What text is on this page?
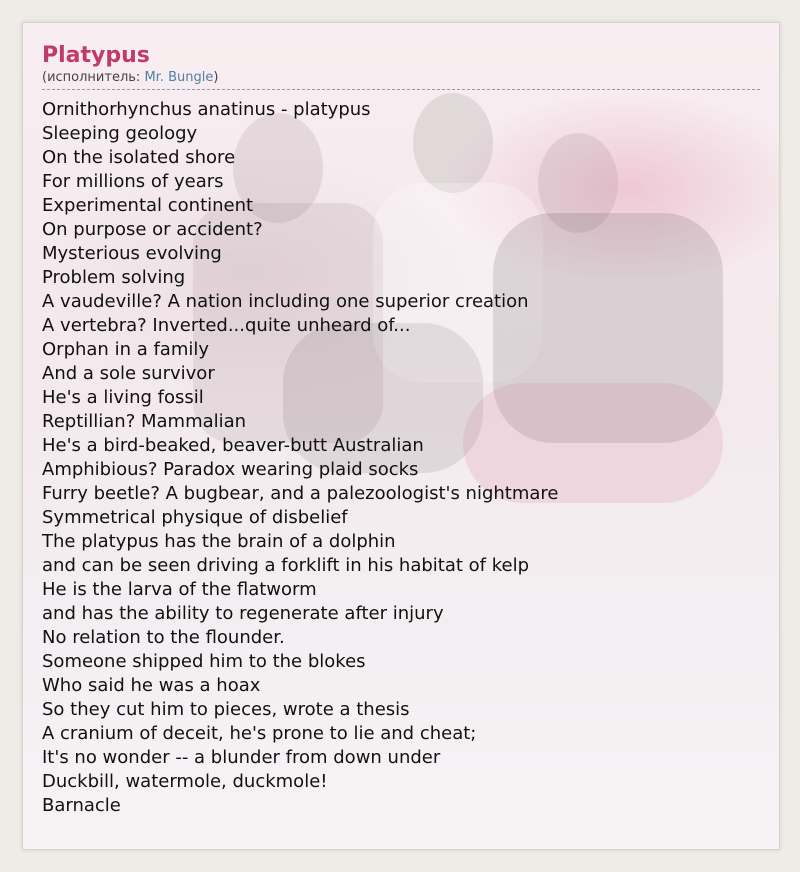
Platypus
(исполнитель: Mr. Bungle)
Ornithorhynchus anatinus - platypus
Sleeping geology
On the isolated shore
For millions of years
Experimental continent
On purpose or accident?
Mysterious evolving
Problem solving
A vaudeville? A nation including one superior creation
A vertebra? Inverted...quite unheard of...
Orphan in a family
And a sole survivor
He's a living fossil
Reptillian? Mammalian
He's a bird-beaked, beaver-butt Australian
Amphibious? Paradox wearing plaid socks
Furry beetle? A bugbear, and a palezoologist's nightmare
Symmetrical physique of disbelief
The platypus has the brain of a dolphin
and can be seen driving a forklift in his habitat of kelp
He is the larva of the flatworm
and has the ability to regenerate after injury
No relation to the flounder.
Someone shipped him to the blokes
Who said he was a hoax
So they cut him to pieces, wrote a thesis
A cranium of deceit, he's prone to lie and cheat;
It's no wonder -- a blunder from down under
Duckbill, watermole, duckmole!
Barnacle
